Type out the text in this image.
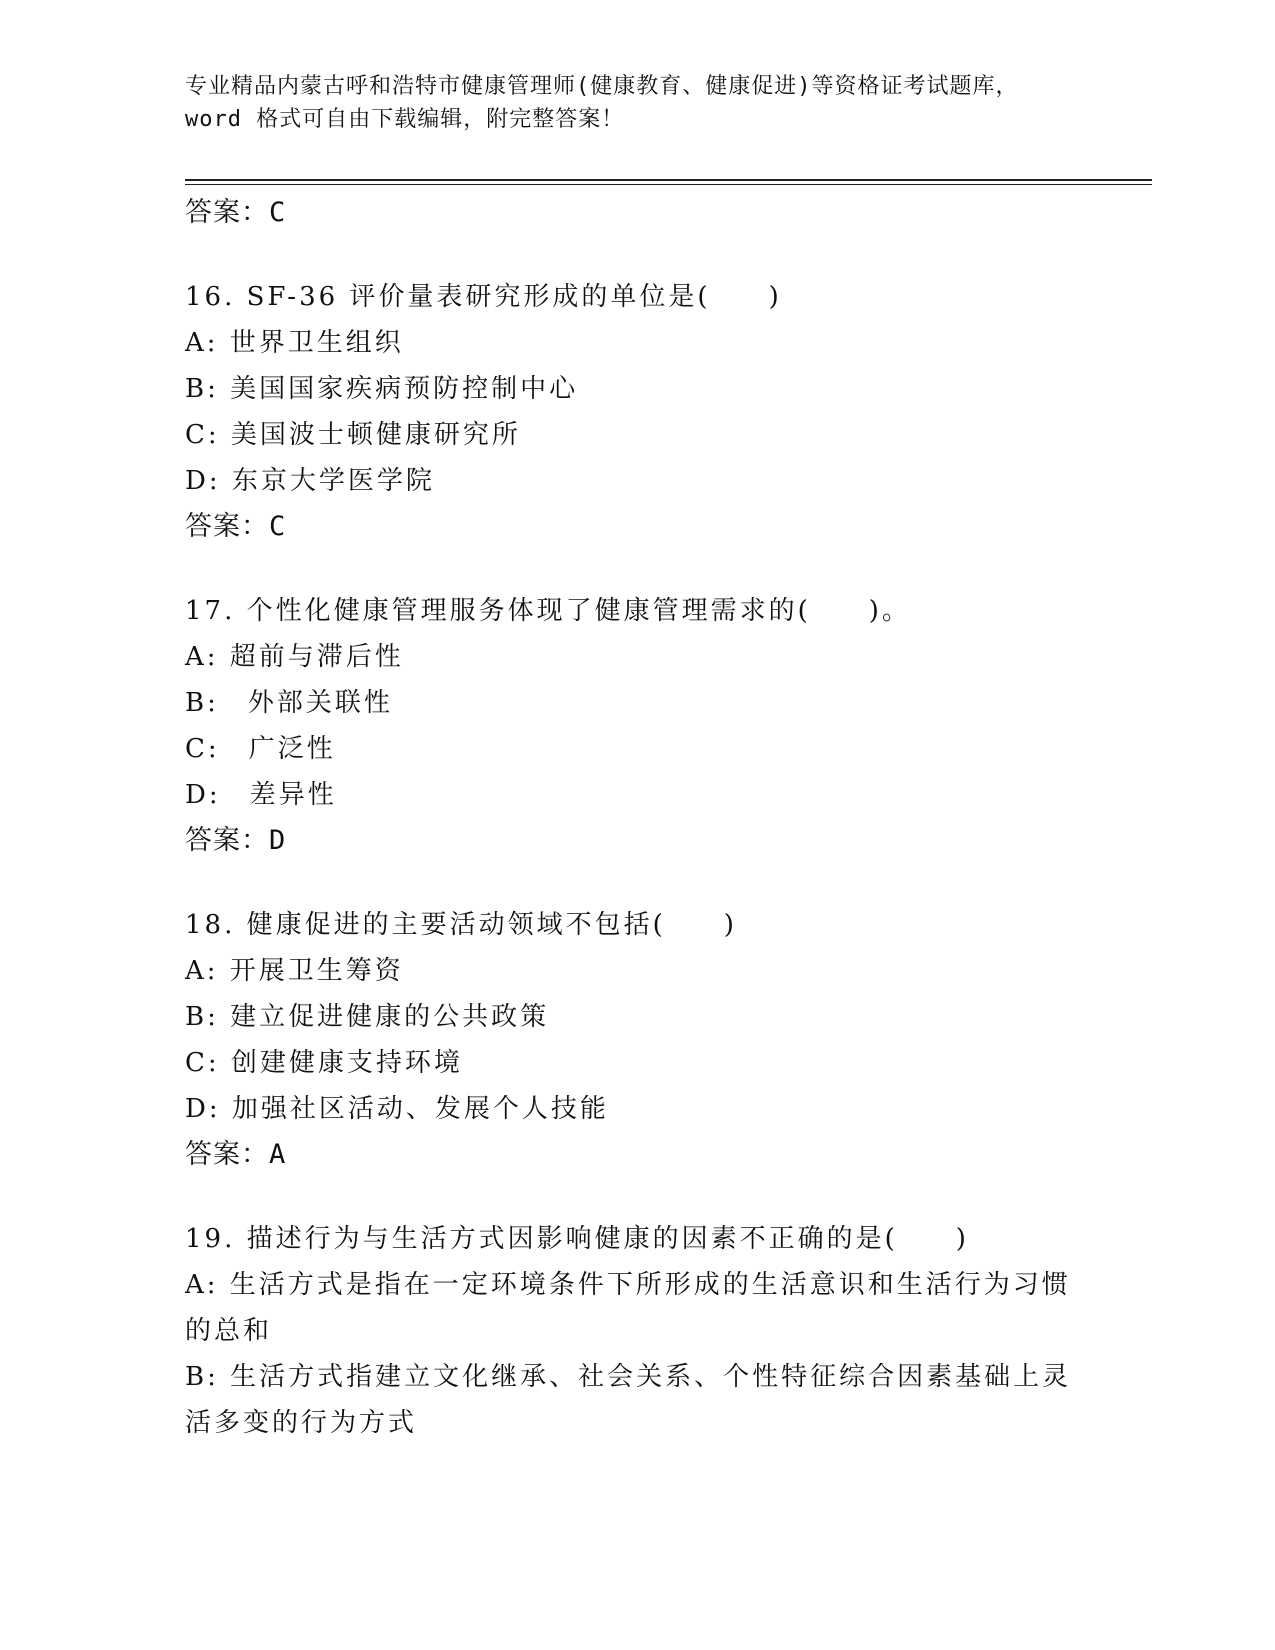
专业精品内蒙古呼和浩特市健康管理师(健康教育、健康促进)等资格证考试题库，
word 格式可自由下载编辑，附完整答案！
答案：C
16. SF-36 评价量表研究形成的单位是(　　)
A: 世界卫生组织
B: 美国国家疾病预防控制中心
C: 美国波士顿健康研究所
D: 东京大学医学院
答案：C
17. 个性化健康管理服务体现了健康管理需求的(　　)。
A: 超前与滞后性
B:　外部关联性
C:　广泛性
D:　差异性
答案：D
18. 健康促进的主要活动领域不包括(　　)
A: 开展卫生筹资
B: 建立促进健康的公共政策
C: 创建健康支持环境
D: 加强社区活动、发展个人技能
答案：A
19. 描述行为与生活方式因影响健康的因素不正确的是(　　)
A: 生活方式是指在一定环境条件下所形成的生活意识和生活行为习惯的总和
B: 生活方式指建立文化继承、社会关系、个性特征综合因素基础上灵活多变的行为方式
